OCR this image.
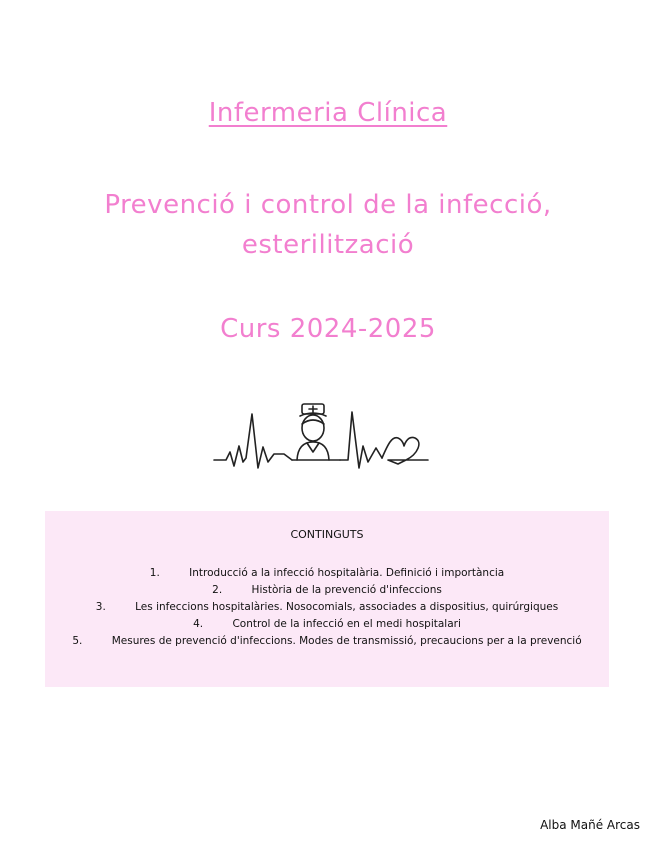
Infermeria Clínica
Prevenció i control de la infecció,
esterilització
Curs 2024-2025
CONTINGUTS
1.	Introducció a la infecció hospitalària. Definició i importància
2.	Història de la prevenció d'infeccions
3.	Les infeccions hospitalàries. Nosocomials, associades a dispositius, quirúrgiques
4.	Control de la infecció en el medi hospitalari
5.	Mesures de prevenció d'infeccions. Modes de transmissió, precaucions per a la prevenció
Alba Mañé Arcas
